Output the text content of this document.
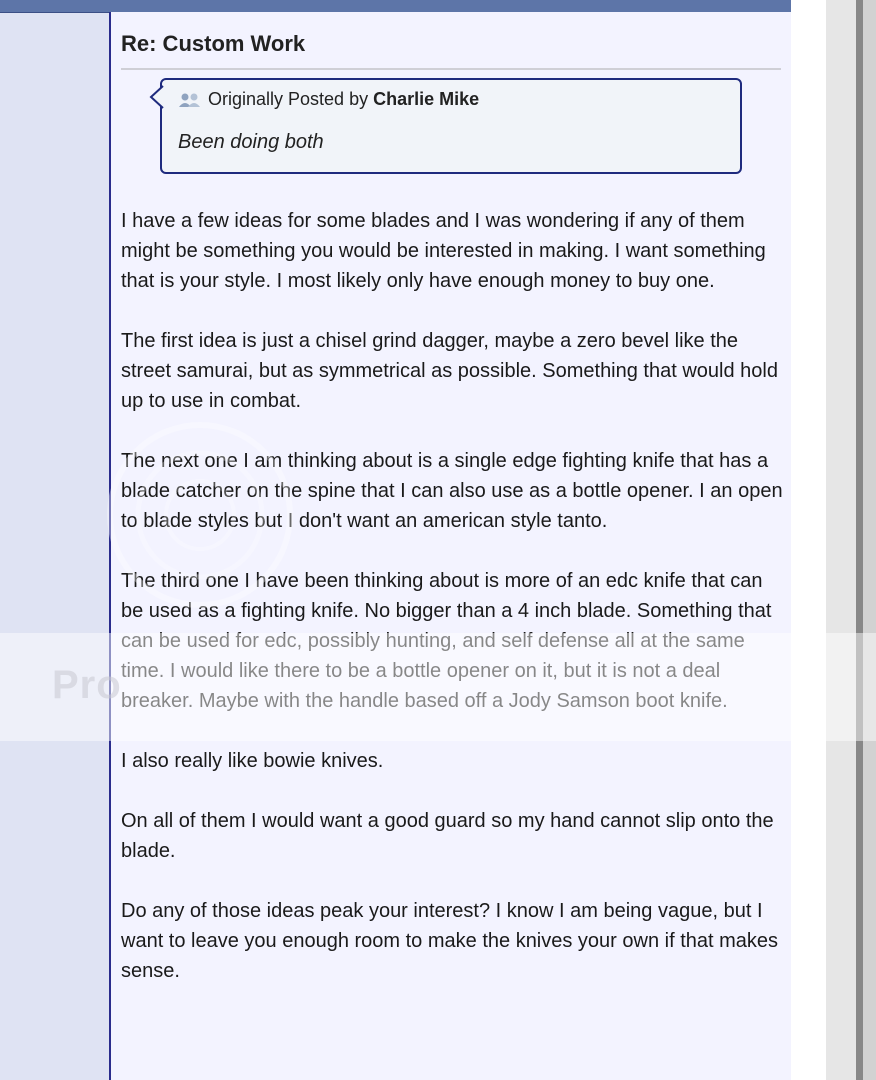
Re: Custom Work
Originally Posted by Charlie Mike
Been doing both

I have a few ideas for some blades and I was wondering if any of them might be something you would be interested in making. I want something that is your style. I most likely only have enough money to buy one.

The first idea is just a chisel grind dagger, maybe a zero bevel like the street samurai, but as symmetrical as possible. Something that would hold up to use in combat.

The next one I am thinking about is a single edge fighting knife that has a blade catcher on the spine that I can also use as a bottle opener. I an open to blade styles but I don't want an american style tanto.

The third one I have been thinking about is more of an edc knife that can be used as a fighting knife. No bigger than a 4 inch blade. Something that can be used for edc, possibly hunting, and self defense all at the same time. I would like there to be a bottle opener on it, but it is not a deal breaker. Maybe with the handle based off a Jody Samson boot knife.

I also really like bowie knives.

On all of them I would want a good guard so my hand cannot slip onto the blade.

Do any of those ideas peak your interest? I know I am being vague, but I want to leave you enough room to make the knives your own if that makes sense.

Pro
